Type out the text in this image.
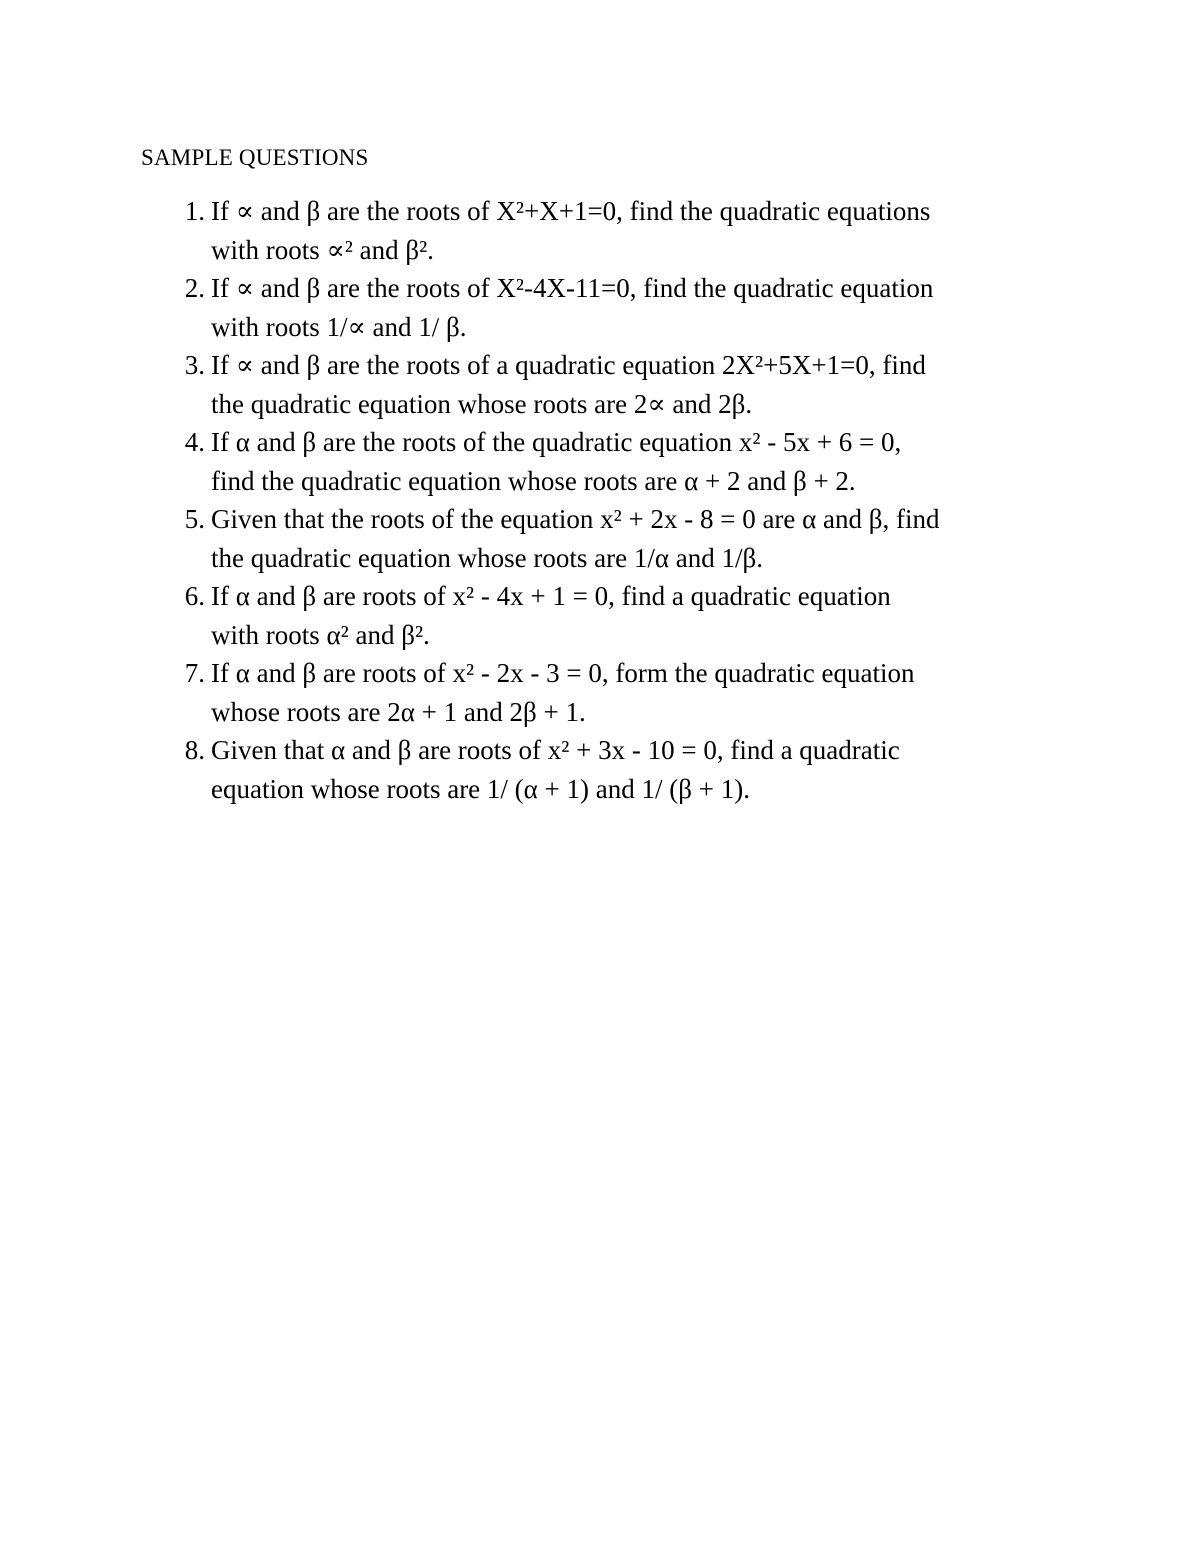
SAMPLE QUESTIONS
1. If ∝ and β are the roots of X²+X+1=0, find the quadratic equations
with roots ∝² and β².
2. If ∝ and β are the roots of X²-4X-11=0, find the quadratic equation
with roots 1/∝ and 1/ β.
3. If ∝ and β are the roots of a quadratic equation 2X²+5X+1=0, find
the quadratic equation whose roots are 2∝ and 2β.
4. If α and β are the roots of the quadratic equation x² - 5x + 6 = 0,
find the quadratic equation whose roots are α + 2 and β + 2.
5. Given that the roots of the equation x² + 2x - 8 = 0 are α and β, find
the quadratic equation whose roots are 1/α and 1/β.
6. If α and β are roots of x² - 4x + 1 = 0, find a quadratic equation
with roots α² and β².
7. If α and β are roots of x² - 2x - 3 = 0, form the quadratic equation
whose roots are 2α + 1 and 2β + 1.
8. Given that α and β are roots of x² + 3x - 10 = 0, find a quadratic
equation whose roots are 1/ (α + 1) and 1/ (β + 1).
